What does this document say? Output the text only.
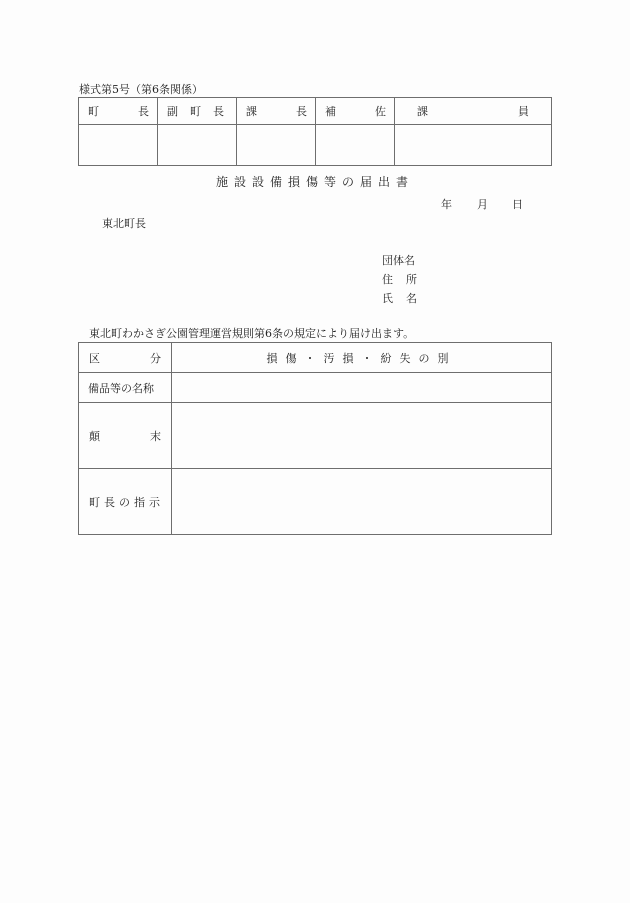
様式第5号（第6条関係）
町 長	副 町 長	課 長	補 佐	課 員

施設設備損傷等の届出書
年 月 日
東北町長
団体名
住 所
氏 名
東北町わかさぎ公園管理運営規則第6条の規定により届け出ます。
区 分	損傷・汚損・紛失の別

備品等の名称	

顛 末	

町長の指示	
